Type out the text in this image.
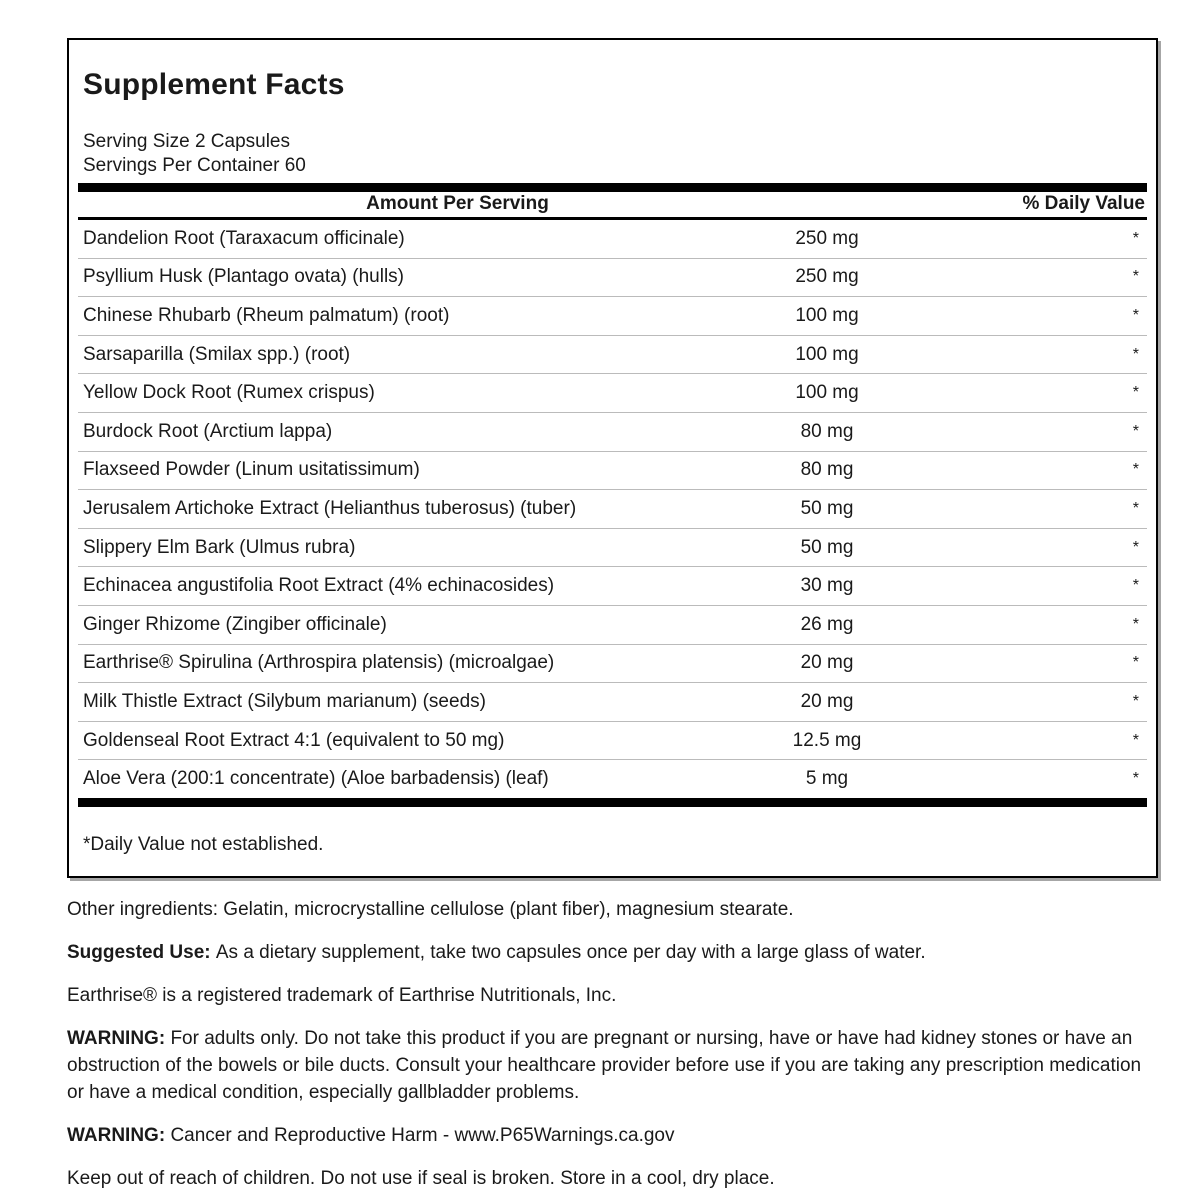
Supplement Facts
Serving Size 2 Capsules
Servings Per Container 60
Amount Per Serving	% Daily Value
Dandelion Root (Taraxacum officinale)	250 mg	*
Psyllium Husk (Plantago ovata) (hulls)	250 mg	*
Chinese Rhubarb (Rheum palmatum) (root)	100 mg	*
Sarsaparilla (Smilax spp.) (root)	100 mg	*
Yellow Dock Root (Rumex crispus)	100 mg	*
Burdock Root (Arctium lappa)	80 mg	*
Flaxseed Powder (Linum usitatissimum)	80 mg	*
Jerusalem Artichoke Extract (Helianthus tuberosus) (tuber)	50 mg	*
Slippery Elm Bark (Ulmus rubra)	50 mg	*
Echinacea angustifolia Root Extract (4% echinacosides)	30 mg	*
Ginger Rhizome (Zingiber officinale)	26 mg	*
Earthrise® Spirulina (Arthrospira platensis) (microalgae)	20 mg	*
Milk Thistle Extract (Silybum marianum) (seeds)	20 mg	*
Goldenseal Root Extract 4:1 (equivalent to 50 mg)	12.5 mg	*
Aloe Vera (200:1 concentrate) (Aloe barbadensis) (leaf)	5 mg	*
*Daily Value not established.

Other ingredients: Gelatin, microcrystalline cellulose (plant fiber), magnesium stearate.

Suggested Use: As a dietary supplement, take two capsules once per day with a large glass of water.

Earthrise® is a registered trademark of Earthrise Nutritionals, Inc.

WARNING: For adults only. Do not take this product if you are pregnant or nursing, have or have had kidney stones or have an obstruction of the bowels or bile ducts. Consult your healthcare provider before use if you are taking any prescription medication or have a medical condition, especially gallbladder problems.

WARNING: Cancer and Reproductive Harm - www.P65Warnings.ca.gov

Keep out of reach of children. Do not use if seal is broken. Store in a cool, dry place.
